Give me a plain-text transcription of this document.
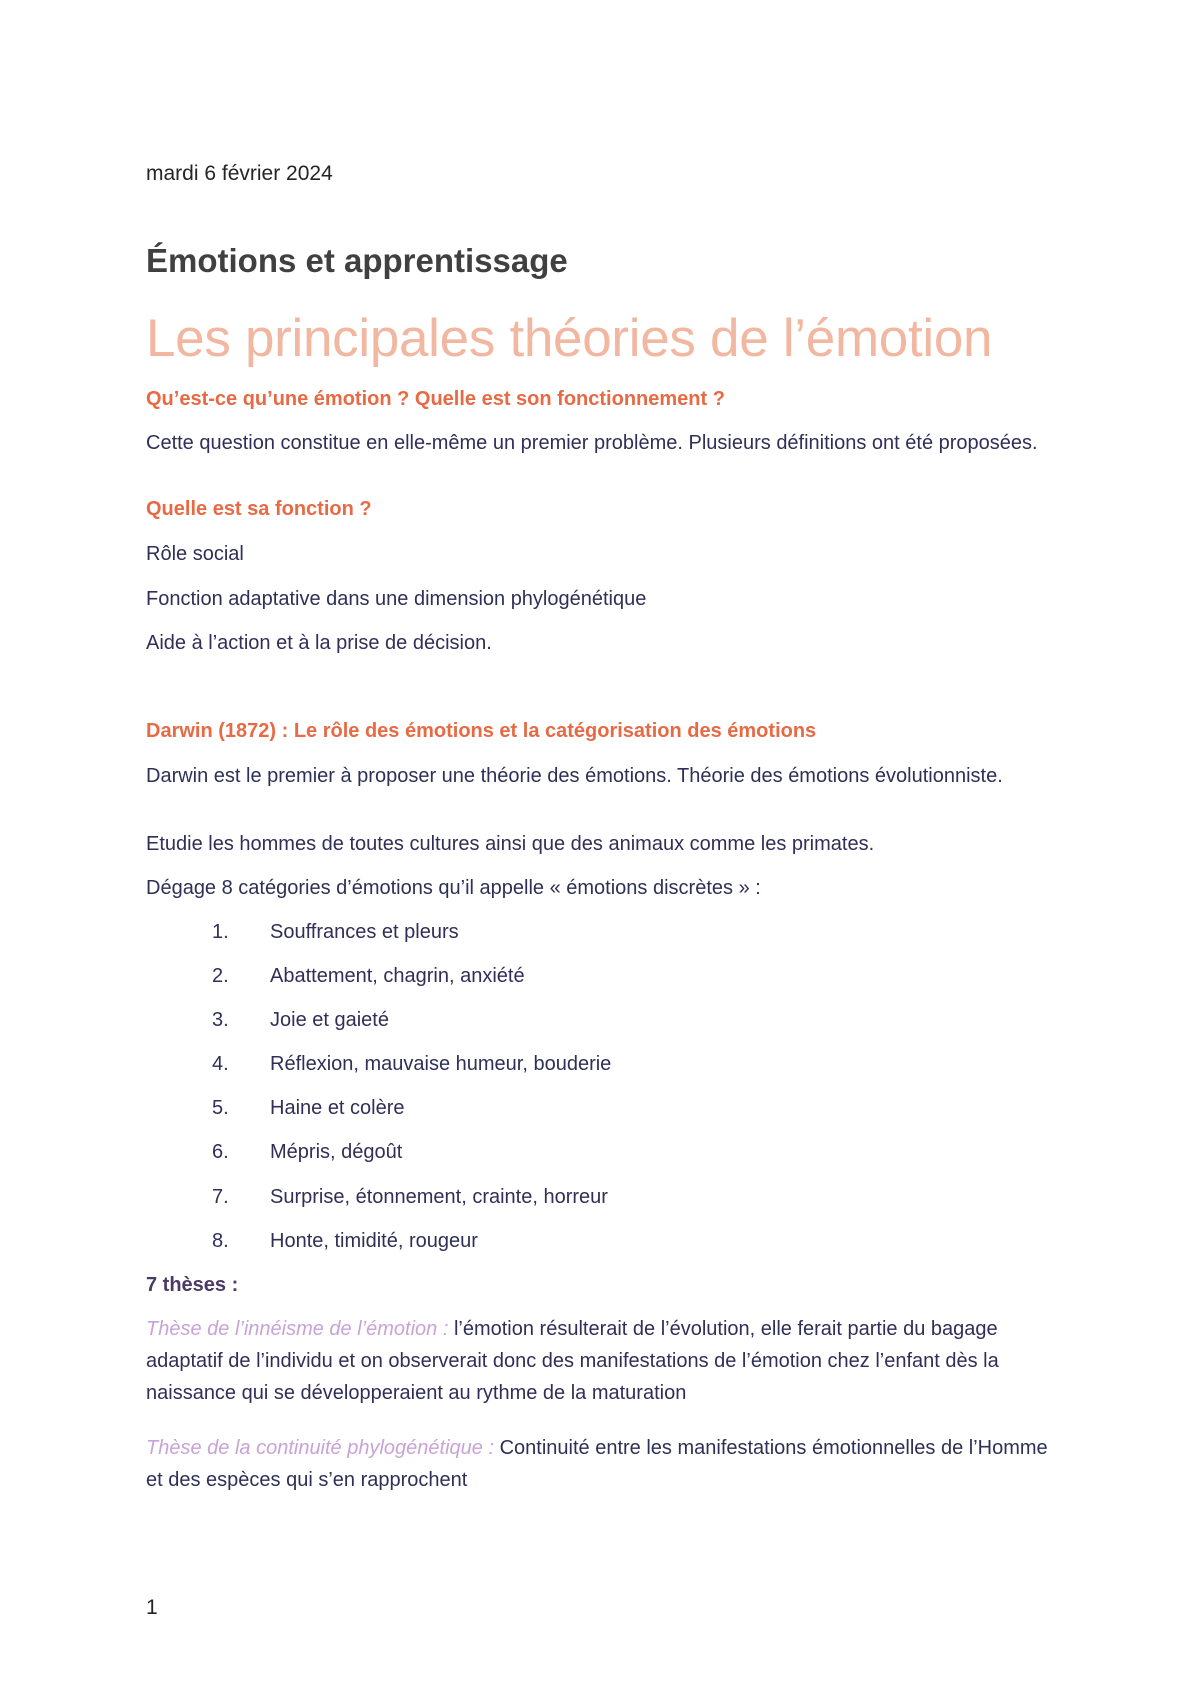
mardi 6 février 2024
Émotions et apprentissage
Les principales théories de l’émotion
Qu’est-ce qu’une émotion ? Quelle est son fonctionnement ?
Cette question constitue en elle-même un premier problème. Plusieurs définitions ont été proposées.
Quelle est sa fonction ?
Rôle social
Fonction adaptative dans une dimension phylogénétique
Aide à l’action et à la prise de décision.
Darwin (1872) : Le rôle des émotions et la catégorisation des émotions
Darwin est le premier à proposer une théorie des émotions. Théorie des émotions évolutionniste.
Etudie les hommes de toutes cultures ainsi que des animaux comme les primates.
Dégage 8 catégories d’émotions qu’il appelle « émotions discrètes » :
1.	Souffrances et pleurs
2.	Abattement, chagrin, anxiété
3.	Joie et gaieté
4.	Réflexion, mauvaise humeur, bouderie
5.	Haine et colère
6.	Mépris, dégoût
7.	Surprise, étonnement, crainte, horreur
8.	Honte, timidité, rougeur
7 thèses :
Thèse de l’innéisme de l’émotion : l’émotion résulterait de l’évolution, elle ferait partie du bagage adaptatif de l’individu et on observerait donc des manifestations de l’émotion chez l’enfant dès la naissance qui se développeraient au rythme de la maturation
Thèse de la continuité phylogénétique : Continuité entre les manifestations émotionnelles de l’Homme et des espèces qui s’en rapprochent
1
